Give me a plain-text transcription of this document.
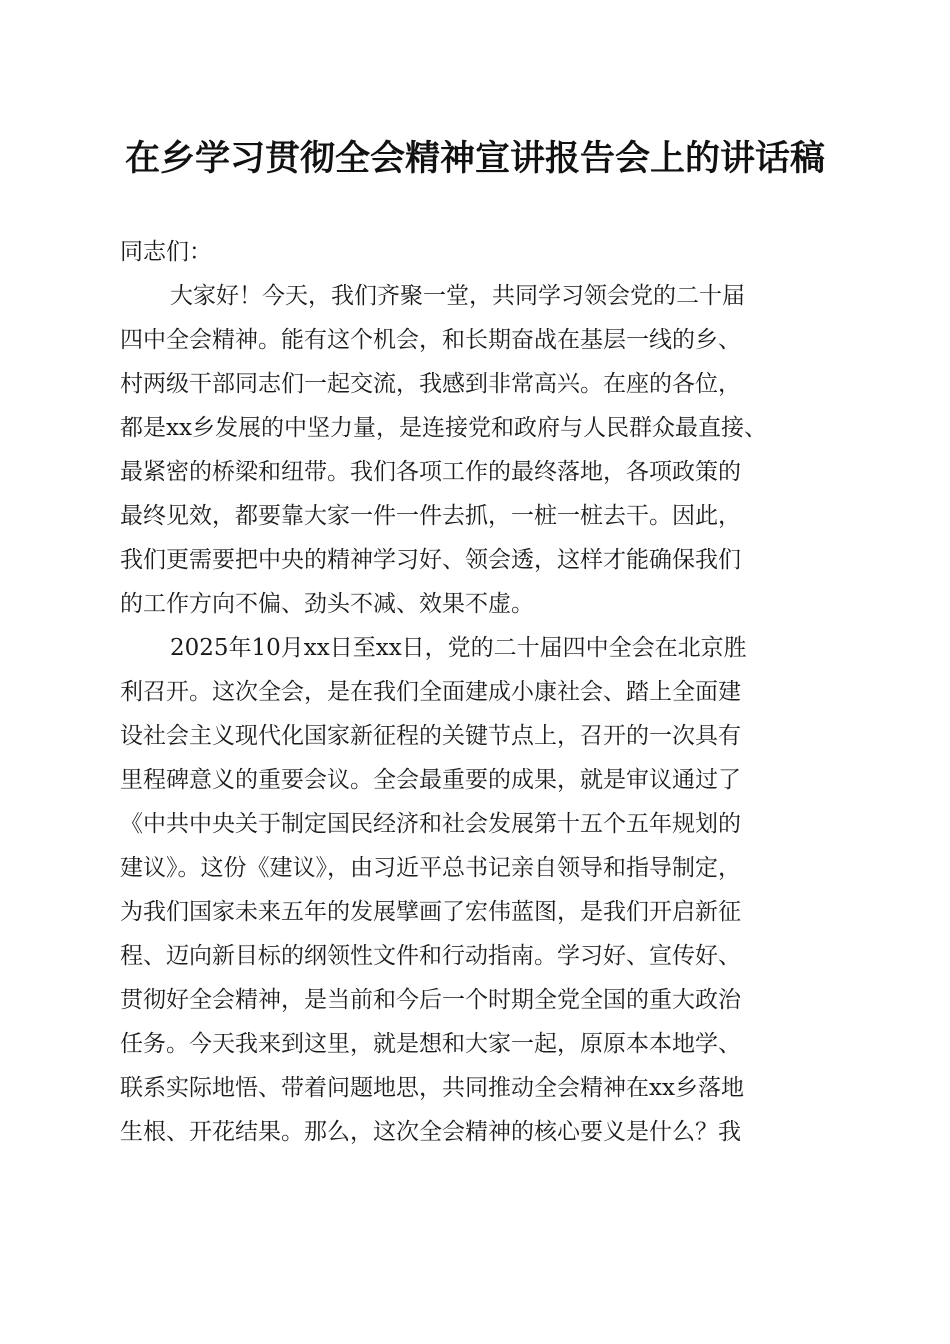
在乡学习贯彻全会精神宣讲报告会上的讲话稿
同志们：
大家好！今天，我们齐聚一堂，共同学习领会党的二十届
四中全会精神。能有这个机会，和长期奋战在基层一线的乡、
村两级干部同志们一起交流，我感到非常高兴。在座的各位，
都是xx乡发展的中坚力量，是连接党和政府与人民群众最直接、
最紧密的桥梁和纽带。我们各项工作的最终落地，各项政策的
最终见效，都要靠大家一件一件去抓，一桩一桩去干。因此，
我们更需要把中央的精神学习好、领会透，这样才能确保我们
的工作方向不偏、劲头不减、效果不虚。
2025年10月xx日至xx日，党的二十届四中全会在北京胜
利召开。这次全会，是在我们全面建成小康社会、踏上全面建
设社会主义现代化国家新征程的关键节点上，召开的一次具有
里程碑意义的重要会议。全会最重要的成果，就是审议通过了
《中共中央关于制定国民经济和社会发展第十五个五年规划的
建议》。这份《建议》，由习近平总书记亲自领导和指导制定，
为我们国家未来五年的发展擘画了宏伟蓝图，是我们开启新征
程、迈向新目标的纲领性文件和行动指南。学习好、宣传好、
贯彻好全会精神，是当前和今后一个时期全党全国的重大政治
任务。今天我来到这里，就是想和大家一起，原原本本地学、
联系实际地悟、带着问题地思，共同推动全会精神在xx乡落地
生根、开花结果。那么，这次全会精神的核心要义是什么？我
